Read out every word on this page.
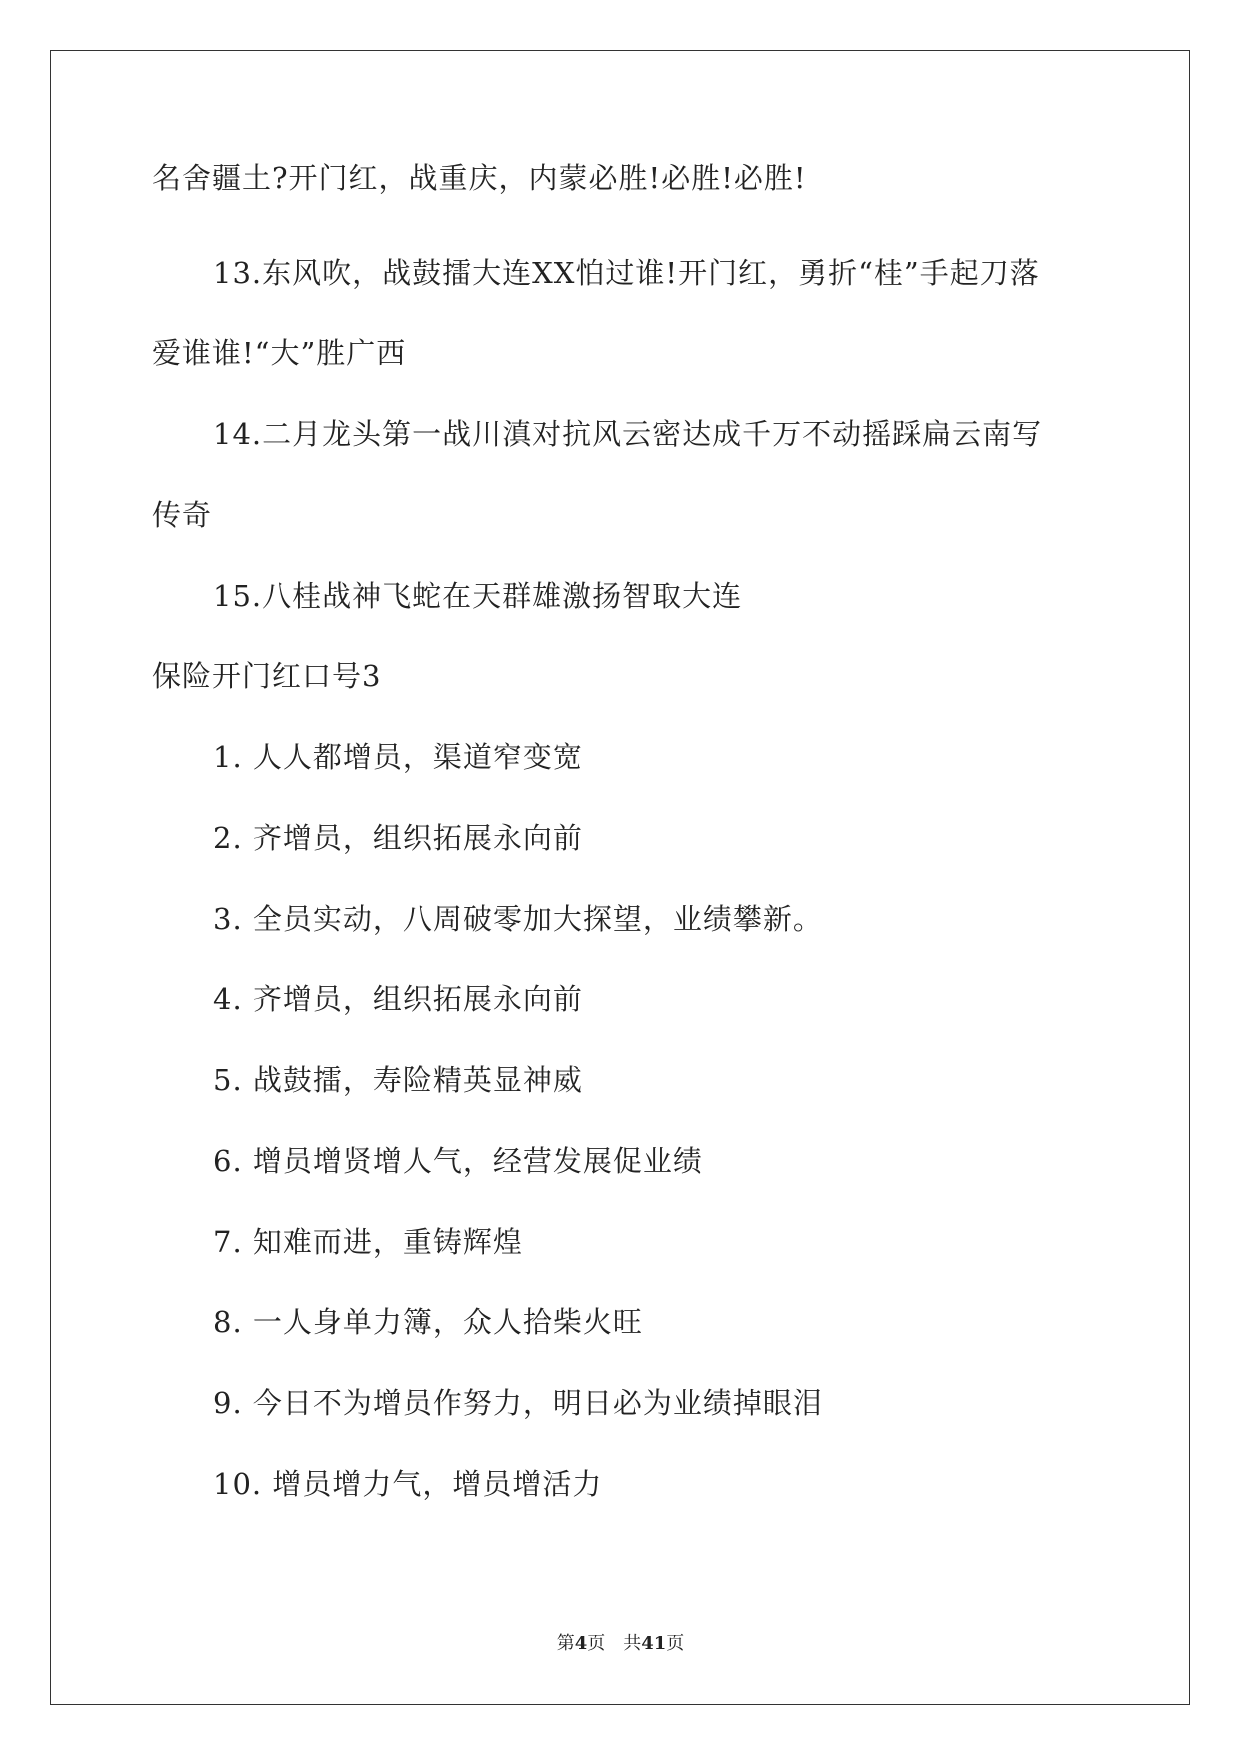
名舍疆土?开门红，战重庆，内蒙必胜!必胜!必胜!
13.东风吹，战鼓擂大连XX怕过谁!开门红，勇折“桂”手起刀落
爱谁谁!“大”胜广西
14.二月龙头第一战川滇对抗风云密达成千万不动摇踩扁云南写
传奇
15.八桂战神飞蛇在天群雄激扬智取大连
保险开门红口号3
1. 人人都增员，渠道窄变宽
2. 齐增员，组织拓展永向前
3. 全员实动，八周破零加大探望，业绩攀新。
4. 齐增员，组织拓展永向前
5. 战鼓擂，寿险精英显神威
6. 增员增贤增人气，经营发展促业绩
7. 知难而进，重铸辉煌
8. 一人身单力簿，众人拾柴火旺
9. 今日不为增员作努力，明日必为业绩掉眼泪
10. 增员增力气，增员增活力
第4页　共41页
